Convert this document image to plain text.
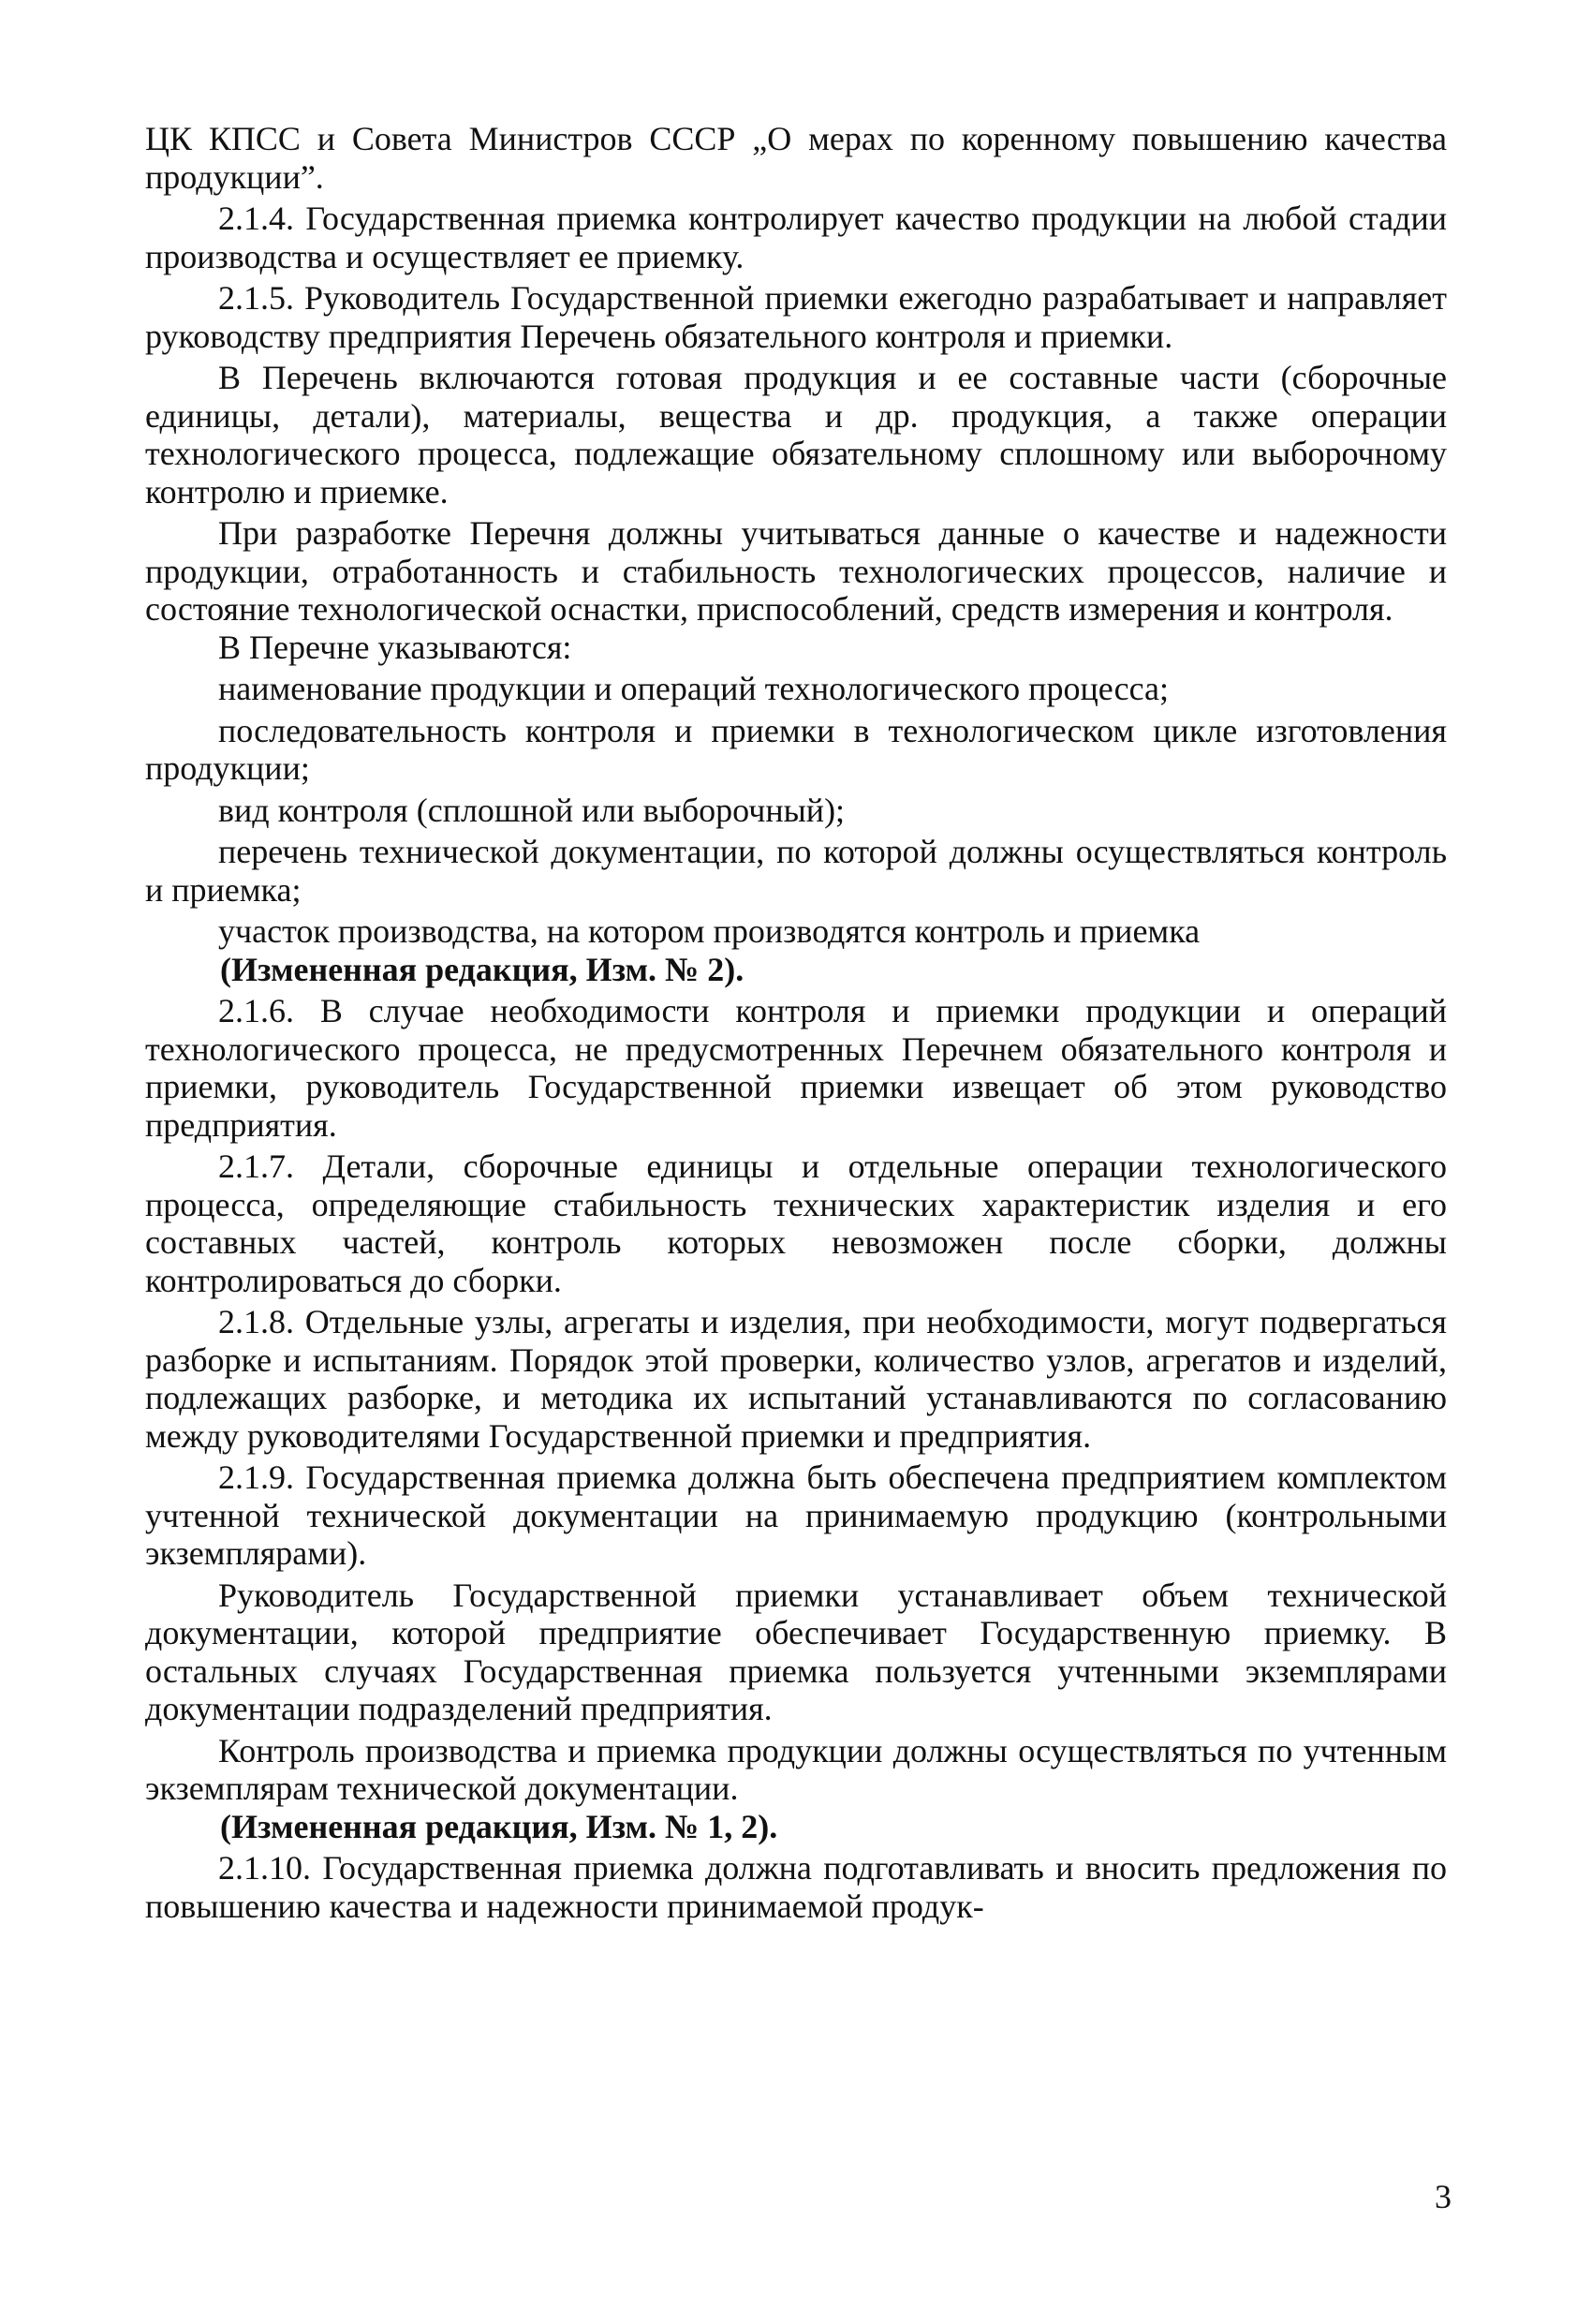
ЦК КПСС и Совета Министров СССР „О мерах по коренному повышению качества продукции”.

2.1.4. Государственная приемка контролирует качество продукции на любой стадии производства и осуществляет ее приемку.

2.1.5. Руководитель Государственной приемки ежегодно разрабатывает и направляет руководству предприятия Перечень обязательного контроля и приемки.

В Перечень включаются готовая продукция и ее составные части (сборочные единицы, детали), материалы, вещества и др. продукция, а также операции технологического процесса, подлежащие обязательному сплошному или выборочному контролю и приемке.

При разработке Перечня должны учитываться данные о качестве и надежности продукции, отработанность и стабильность технологических процессов, наличие и состояние технологической оснастки, приспособлений, средств измерения и контроля.

В Перечне указываются:

наименование продукции и операций технологического процесса;

последовательность контроля и приемки в технологическом цикле изготовления продукции;

вид контроля (сплошной или выборочный);

перечень технической документации, по которой должны осуществляться контроль и приемка;

участок производства, на котором производятся контроль и приемка

(Измененная редакция, Изм. № 2).

2.1.6. В случае необходимости контроля и приемки продукции и операций технологического процесса, не предусмотренных Перечнем обязательного контроля и приемки, руководитель Государственной приемки извещает об этом руководство предприятия.

2.1.7. Детали, сборочные единицы и отдельные операции технологического процесса, определяющие стабильность технических характеристик изделия и его составных частей, контроль которых невозможен после сборки, должны контролироваться до сборки.

2.1.8. Отдельные узлы, агрегаты и изделия, при необходимости, могут подвергаться разборке и испытаниям. Порядок этой проверки, количество узлов, агрегатов и изделий, подлежащих разборке, и методика их испытаний устанавливаются по согласованию между руководителями Государственной приемки и предприятия.

2.1.9. Государственная приемка должна быть обеспечена предприятием комплектом учтенной технической документации на принимаемую продукцию (контрольными экземплярами).

Руководитель Государственной приемки устанавливает объем технической документации, которой предприятие обеспечивает Государственную приемку. В остальных случаях Государственная приемка пользуется учтенными экземплярами документации подразделений предприятия.

Контроль производства и приемка продукции должны осуществляться по учтенным экземплярам технической документации.

(Измененная редакция, Изм. № 1, 2).

2.1.10. Государственная приемка должна подготавливать и вносить предложения по повышению качества и надежности принимаемой продук-

3
